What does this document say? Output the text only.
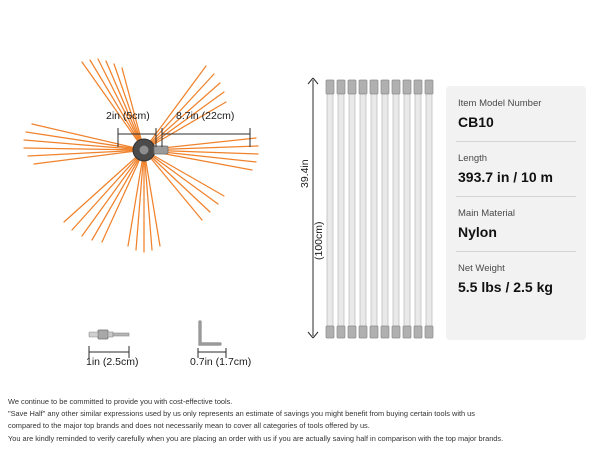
2in (5cm) 8.7in (22cm)
1in (2.5cm)	0.7in (1.7cm)
39.4in
(100cm)
Item Model Number
CB10
Length
393.7 in / 10 m
Main Material
Nylon
Net Weight
5.5 lbs / 2.5 kg

We continue to be committed to provide you with cost-effective tools.

"Save Half" any other similar expressions used by us only represents an estimate of savings you might benefit from buying certain tools with us

compared to the major top brands and does not necessarily mean to cover all categories of tools offered by us.

You are kindly reminded to verify carefully when you are placing an order with us if you are actually saving half in comparison with the top major brands.
